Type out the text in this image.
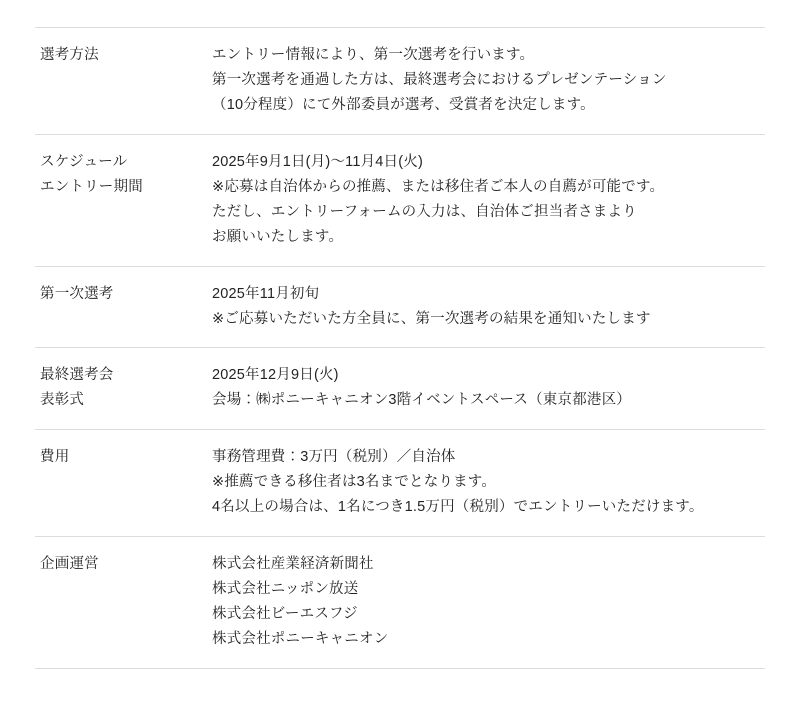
選考方法	エントリー情報により、第一次選考を行います。
第一次選考を通過した方は、最終選考会におけるプレゼンテーション
（10分程度）にて外部委員が選考、受賞者を決定します。

スケジュール
エントリー期間	2025年9月1日(月)〜11月4日(火)
※応募は自治体からの推薦、または移住者ご本人の自薦が可能です。
ただし、エントリーフォームの入力は、自治体ご担当者さまより
お願いいたします。

第一次選考	2025年11月初旬
※ご応募いただいた方全員に、第一次選考の結果を通知いたします

最終選考会
表彰式	2025年12月9日(火)
会場：㈱ポニーキャニオン3階イベントスペース（東京都港区）

費用	事務管理費：3万円（税別）／自治体
※推薦できる移住者は3名までとなります。
4名以上の場合は、1名につき1.5万円（税別）でエントリーいただけます。

企画運営	株式会社産業経済新聞社
株式会社ニッポン放送
株式会社ビーエスフジ
株式会社ポニーキャニオン
